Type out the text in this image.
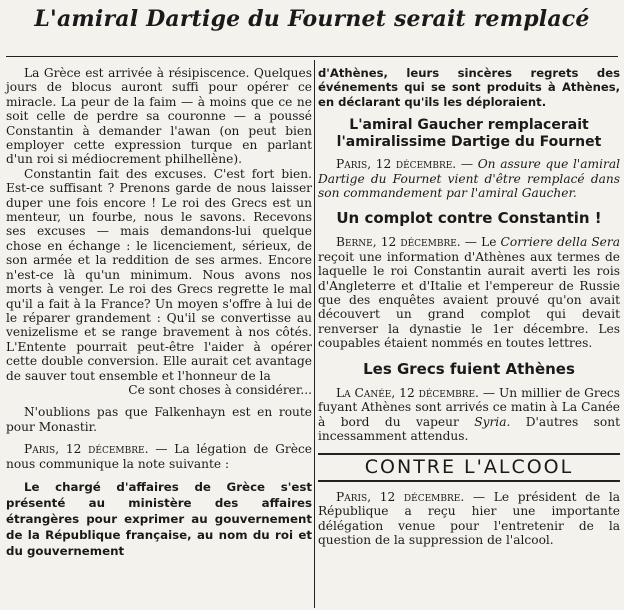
L'amiral Dartige du Fournet serait remplacé

La Grèce est arrivée à résipiscence. Quelques jours de blocus auront suffi pour opérer ce miracle. La peur de la faim — à moins que ce ne soit celle de perdre sa couronne — a poussé Constantin à demander l'awan (on peut bien employer cette expression turque en parlant d'un roi si médiocrement philhellène).

Constantin fait des excuses. C'est fort bien. Est-ce suffisant ? Prenons garde de nous laisser duper une fois encore ! Le roi des Grecs est un menteur, un fourbe, nous le savons. Recevons ses excuses — mais demandons-lui quelque chose en échange : le licenciement, sérieux, de son armée et la reddition de ses armes. Encore n'est-ce là qu'un minimum. Nous avons nos morts à venger. Le roi des Grecs regrette le mal qu'il a fait à la France? Un moyen s'offre à lui de le réparer grandement : Qu'il se convertisse au venizelisme et se range bravement à nos côtés. L'Entente pourrait peut-être l'aider à opérer cette double conversion. Elle aurait cet avantage de sauver tout ensemble et l'honneur de la

Ce sont choses à considérer...

N'oublions pas que Falkenhayn est en route pour Monastir.

Paris, 12 décembre. — La légation de Grèce nous communique la note suivante :

Le chargé d'affaires de Grèce s'est présenté au ministère des affaires étrangères pour exprimer au gouvernement de la République française, au nom du roi et du gouvernement

d'Athènes, leurs sincères regrets des événements qui se sont produits à Athènes, en déclarant qu'ils les déploraient.

L'amiral Gaucher remplacerait
l'amiralissime Dartige du Fournet

Paris, 12 décembre. — On assure que l'amiral Dartige du Fournet vient d'être remplacé dans son commandement par l'amiral Gaucher.

Un complot contre Constantin !

Berne, 12 décembre. — Le Corriere della Sera reçoit une information d'Athènes aux termes de laquelle le roi Constantin aurait averti les rois d'Angleterre et d'Italie et l'empereur de Russie que des enquêtes avaient prouvé qu'on avait découvert un grand complot qui devait renverser la dynastie le 1er décembre. Les coupables étaient nommés en toutes lettres.

Les Grecs fuient Athènes

La Canée, 12 décembre. — Un millier de Grecs fuyant Athènes sont arrivés ce matin à La Canée à bord du vapeur Syria. D'autres sont incessamment attendus.

CONTRE L'ALCOOL

Paris, 12 décembre. — Le président de la République a reçu hier une importante délégation venue pour l'entretenir de la question de la suppression de l'alcool.
